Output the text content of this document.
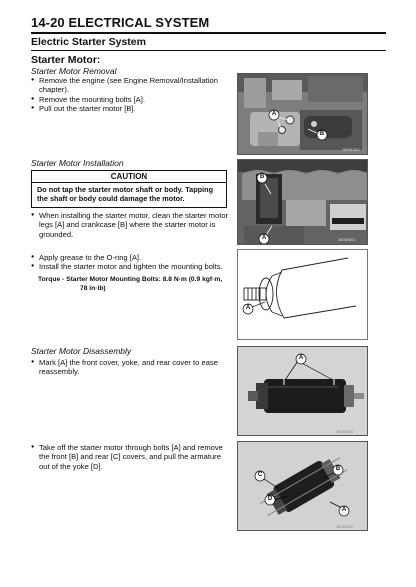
14-20 ELECTRICAL SYSTEM
Electric Starter System
Starter Motor:
Starter Motor Removal
● Remove the engine (see Engine Removal/Installation chapter).
● Remove the mounting bolts [A].
● Pull out the starter motor [B].
Starter Motor Installation
CAUTION
Do not tap the starter motor shaft or body. Tapping the shaft or body could damage the motor.
● When installing the starter motor, clean the starter motor legs [A] and crankcase [B] where the starter motor is grounded.
● Apply grease to the O-ring [A].
● Install the starter motor and tighten the mounting bolts.
Torque - Starter Motor Mounting Bolts: 8.8 N·m (0.9 kgf·m,
78 in·lb)
Starter Motor Disassembly
● Mark [A] the front cover, yoke, and rear cover to ease reassembly.
● Take off the starter motor through bolts [A] and remove the front [B] and rear [C] covers, and pull the armature out of the yoke [D].
A
B
J6061402
B
A	J6060802
A
A
J6060602
C
B
D
A
J6060502
